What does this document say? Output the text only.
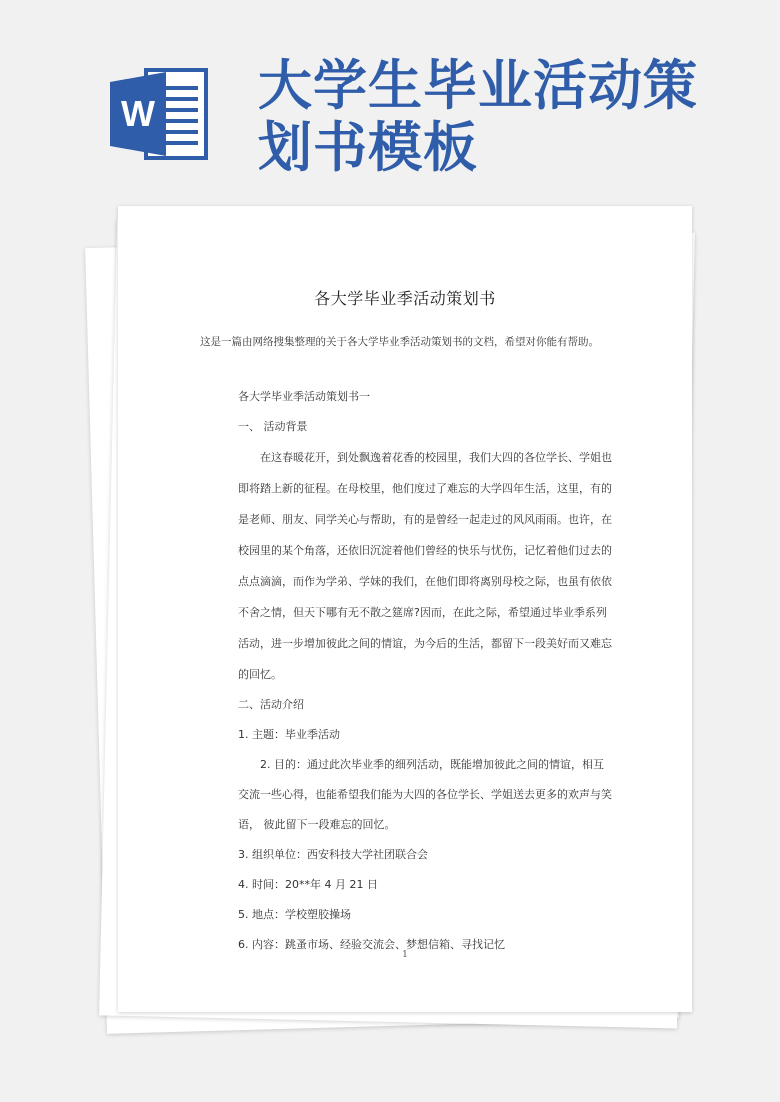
W 大学生毕业活动策
划书模板
各大学毕业季活动策划书
这是一篇由网络搜集整理的关于各大学毕业季活动策划书的文档，希望对你能有帮助。

各大学毕业季活动策划书一

一、 活动背景

在这春暖花开，到处飘逸着花香的校园里，我们大四的各位学长、学姐也即将踏上新的征程。在母校里，他们度过了难忘的大学四年生活，这里，有的是老师、朋友、同学关心与帮助，有的是曾经一起走过的风风雨雨。也许，在校园里的某个角落，还依旧沉淀着他们曾经的快乐与忧伤，记忆着他们过去的点点滴滴，而作为学弟、学妹的我们，在他们即将离别母校之际，也虽有依依不舍之情，但天下哪有无不散之筵席?因而，在此之际，希望通过毕业季系列活动，进一步增加彼此之间的情谊，为今后的生活，都留下一段美好而又难忘的回忆。

二、活动介绍

1. 主题：毕业季活动

2. 目的：通过此次毕业季的细列活动，既能增加彼此之间的情谊，相互交流一些心得，也能希望我们能为大四的各位学长、学姐送去更多的欢声与笑语， 彼此留下一段难忘的回忆。

3. 组织单位：西安科技大学社团联合会

4. 时间：20**年 4 月 21 日

5. 地点：学校塑胶操场

6. 内容：跳蚤市场、经验交流会、梦想信箱、寻找记忆

1
